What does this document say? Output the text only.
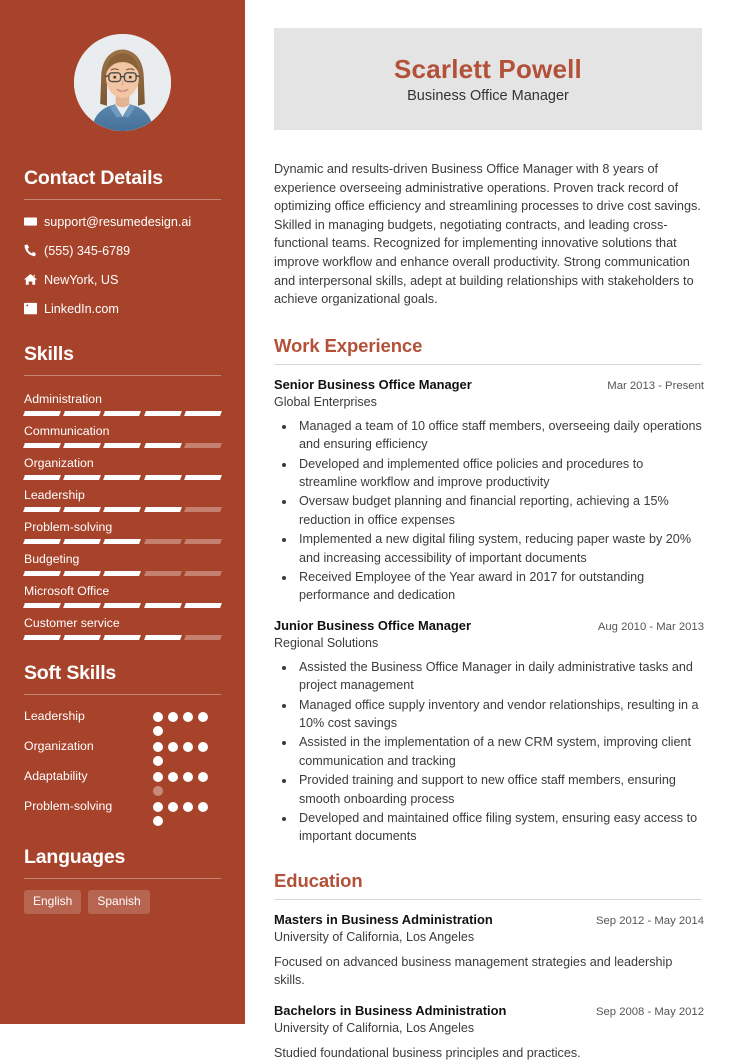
Contact Details
support@resumedesign.ai
(555) 345-6789
NewYork, US
LinkedIn.com
Skills
Administration
Communication
Organization
Leadership
Problem-solving
Budgeting
Microsoft Office
Customer service
Soft Skills
Leadership
Organization
Adaptability
Problem-solving
Languages
English	Spanish
Scarlett Powell
Business Office Manager

Dynamic and results-driven Business Office Manager with 8 years of experience overseeing administrative operations. Proven track record of optimizing office efficiency and streamlining processes to drive cost savings. Skilled in managing budgets, negotiating contracts, and leading cross-functional teams. Recognized for implementing innovative solutions that improve workflow and enhance overall productivity. Strong communication and interpersonal skills, adept at building relationships with stakeholders to achieve organizational goals.

Work Experience
Senior Business Office Manager	Mar 2013 - Present
Global Enterprises
• Managed a team of 10 office staff members, overseeing daily operations and ensuring efficiency
• Developed and implemented office policies and procedures to streamline workflow and improve productivity
• Oversaw budget planning and financial reporting, achieving a 15% reduction in office expenses
• Implemented a new digital filing system, reducing paper waste by 20% and increasing accessibility of important documents
• Received Employee of the Year award in 2017 for outstanding performance and dedication
Junior Business Office Manager	Aug 2010 - Mar 2013
Regional Solutions
• Assisted the Business Office Manager in daily administrative tasks and project management
• Managed office supply inventory and vendor relationships, resulting in a 10% cost savings
• Assisted in the implementation of a new CRM system, improving client communication and tracking
• Provided training and support to new office staff members, ensuring smooth onboarding process
• Developed and maintained office filing system, ensuring easy access to important documents
Education
Masters in Business Administration	Sep 2012 - May 2014
University of California, Los Angeles
Focused on advanced business management strategies and leadership skills.
Bachelors in Business Administration	Sep 2008 - May 2012
University of California, Los Angeles
Studied foundational business principles and practices.
